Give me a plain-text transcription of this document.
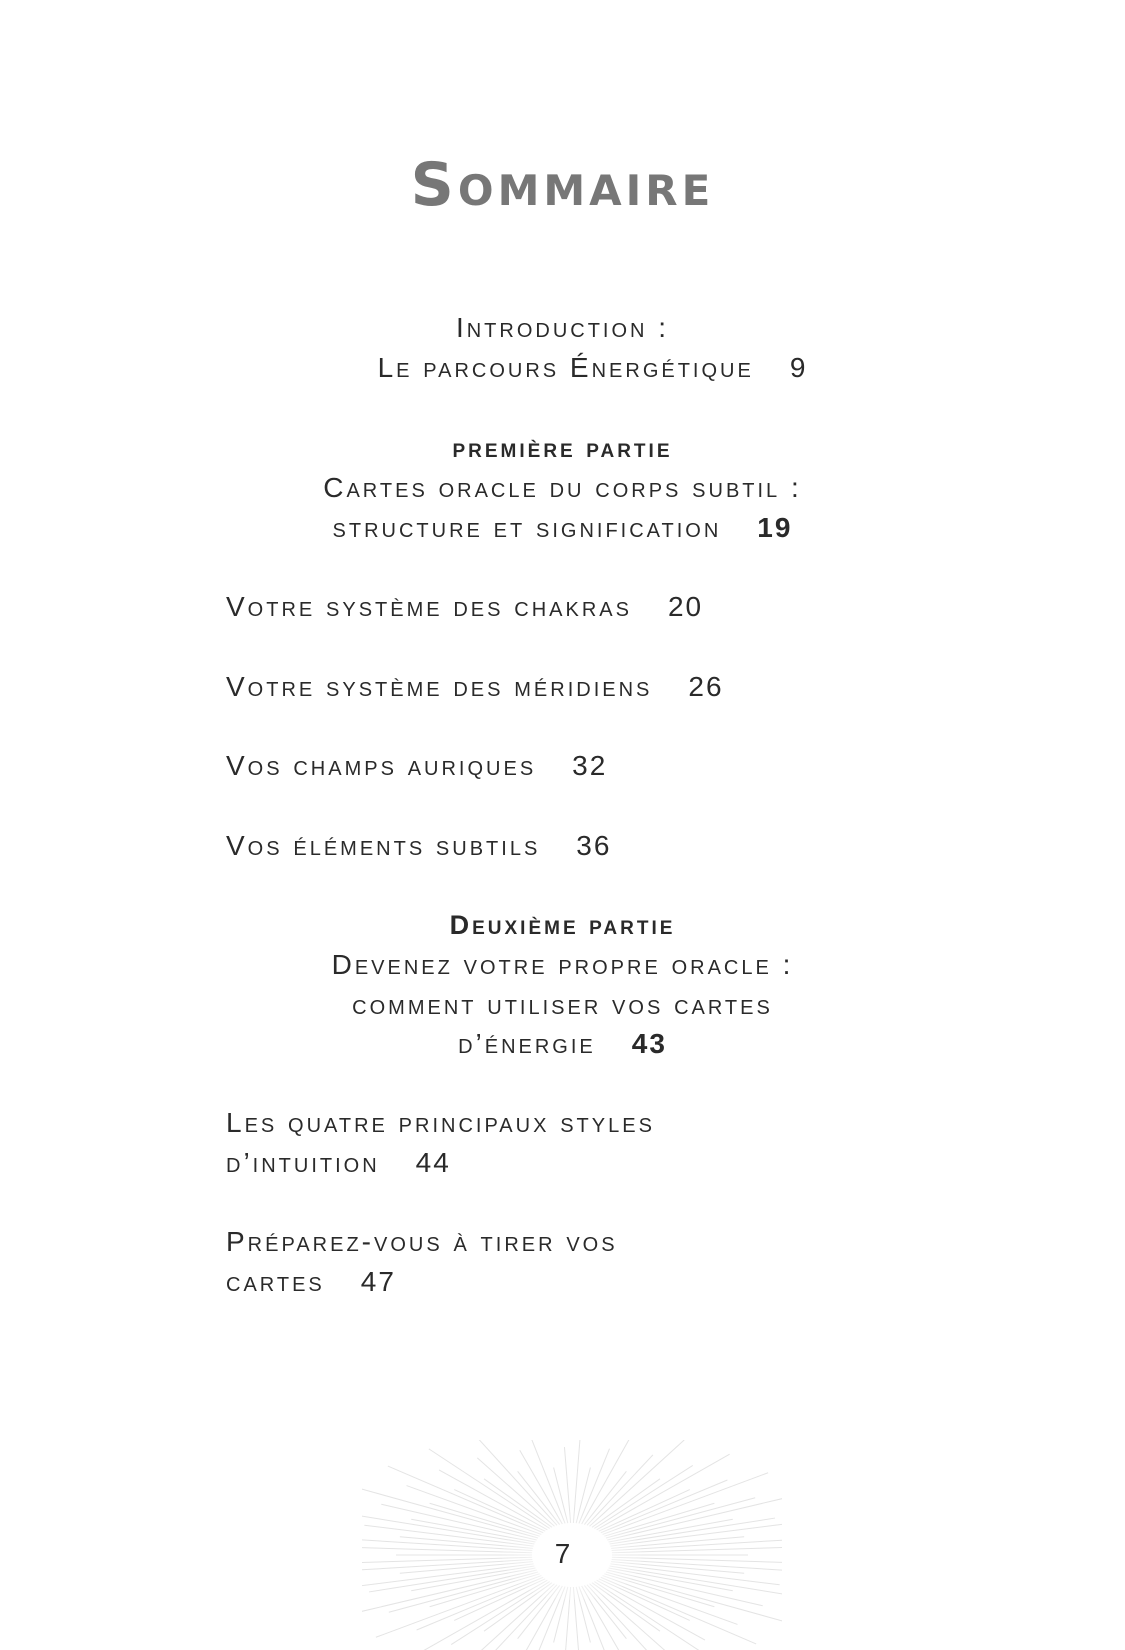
Sommaire
Introduction :
Le parcours Énergétique 9
première partie
Cartes oracle du corps subtil :
structure et signification 19
Votre système des chakras 20
Votre système des méridiens 26
Vos champs auriques 32
Vos éléments subtils 36
Deuxième partie
Devenez votre propre oracle :
comment utiliser vos cartes
d’énergie 43
Les quatre principaux styles
d’intuition 44
Préparez-vous à tirer vos
cartes 47
7
